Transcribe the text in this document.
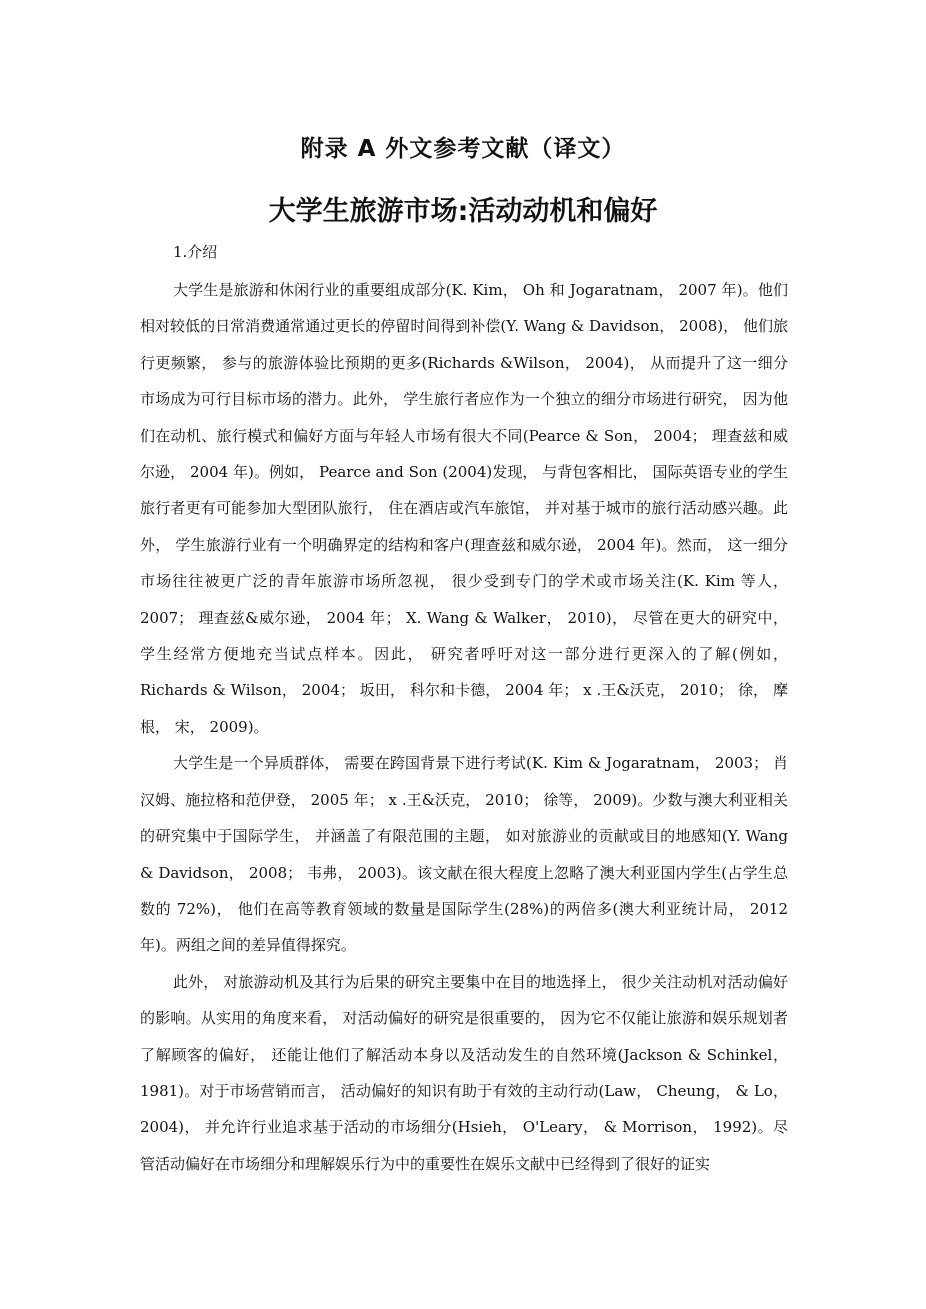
附录 A 外文参考文献（译文）
大学生旅游市场:活动动机和偏好
1.介绍

大学生是旅游和休闲行业的重要组成部分(K. Kim， Oh 和 Jogaratnam， 2007 年)。他们相对较低的日常消费通常通过更长的停留时间得到补偿(Y. Wang & Davidson， 2008)， 他们旅行更频繁， 参与的旅游体验比预期的更多(Richards &Wilson， 2004)， 从而提升了这一细分市场成为可行目标市场的潜力。此外， 学生旅行者应作为一个独立的细分市场进行研究， 因为他们在动机、旅行模式和偏好方面与年轻人市场有很大不同(Pearce & Son， 2004； 理查兹和威尔逊， 2004 年)。例如， Pearce and Son (2004)发现， 与背包客相比， 国际英语专业的学生旅行者更有可能参加大型团队旅行， 住在酒店或汽车旅馆， 并对基于城市的旅行活动感兴趣。此外， 学生旅游行业有一个明确界定的结构和客户(理查兹和威尔逊， 2004 年)。然而， 这一细分市场往往被更广泛的青年旅游市场所忽视， 很少受到专门的学术或市场关注(K. Kim 等人， 2007； 理查兹&威尔逊， 2004 年； X. Wang & Walker， 2010)， 尽管在更大的研究中， 学生经常方便地充当试点样本。因此， 研究者呼吁对这一部分进行更深入的了解(例如， Richards & Wilson， 2004； 坂田， 科尔和卡德， 2004 年； x .王&沃克， 2010； 徐， 摩根， 宋， 2009)。

大学生是一个异质群体， 需要在跨国背景下进行考试(K. Kim & Jogaratnam， 2003； 肖汉姆、施拉格和范伊登， 2005 年； x .王&沃克， 2010； 徐等， 2009)。少数与澳大利亚相关的研究集中于国际学生， 并涵盖了有限范围的主题， 如对旅游业的贡献或目的地感知(Y. Wang & Davidson， 2008； 韦弗， 2003)。该文献在很大程度上忽略了澳大利亚国内学生(占学生总数的 72%)， 他们在高等教育领域的数量是国际学生(28%)的两倍多(澳大利亚统计局， 2012 年)。两组之间的差异值得探究。

此外， 对旅游动机及其行为后果的研究主要集中在目的地选择上， 很少关注动机对活动偏好的影响。从实用的角度来看， 对活动偏好的研究是很重要的， 因为它不仅能让旅游和娱乐规划者了解顾客的偏好， 还能让他们了解活动本身以及活动发生的自然环境(Jackson & Schinkel， 1981)。对于市场营销而言， 活动偏好的知识有助于有效的主动行动(Law， Cheung， & Lo， 2004)， 并允许行业追求基于活动的市场细分(Hsieh， O'Leary， & Morrison， 1992)。尽管活动偏好在市场细分和理解娱乐行为中的重要性在娱乐文献中已经得到了很好的证实
